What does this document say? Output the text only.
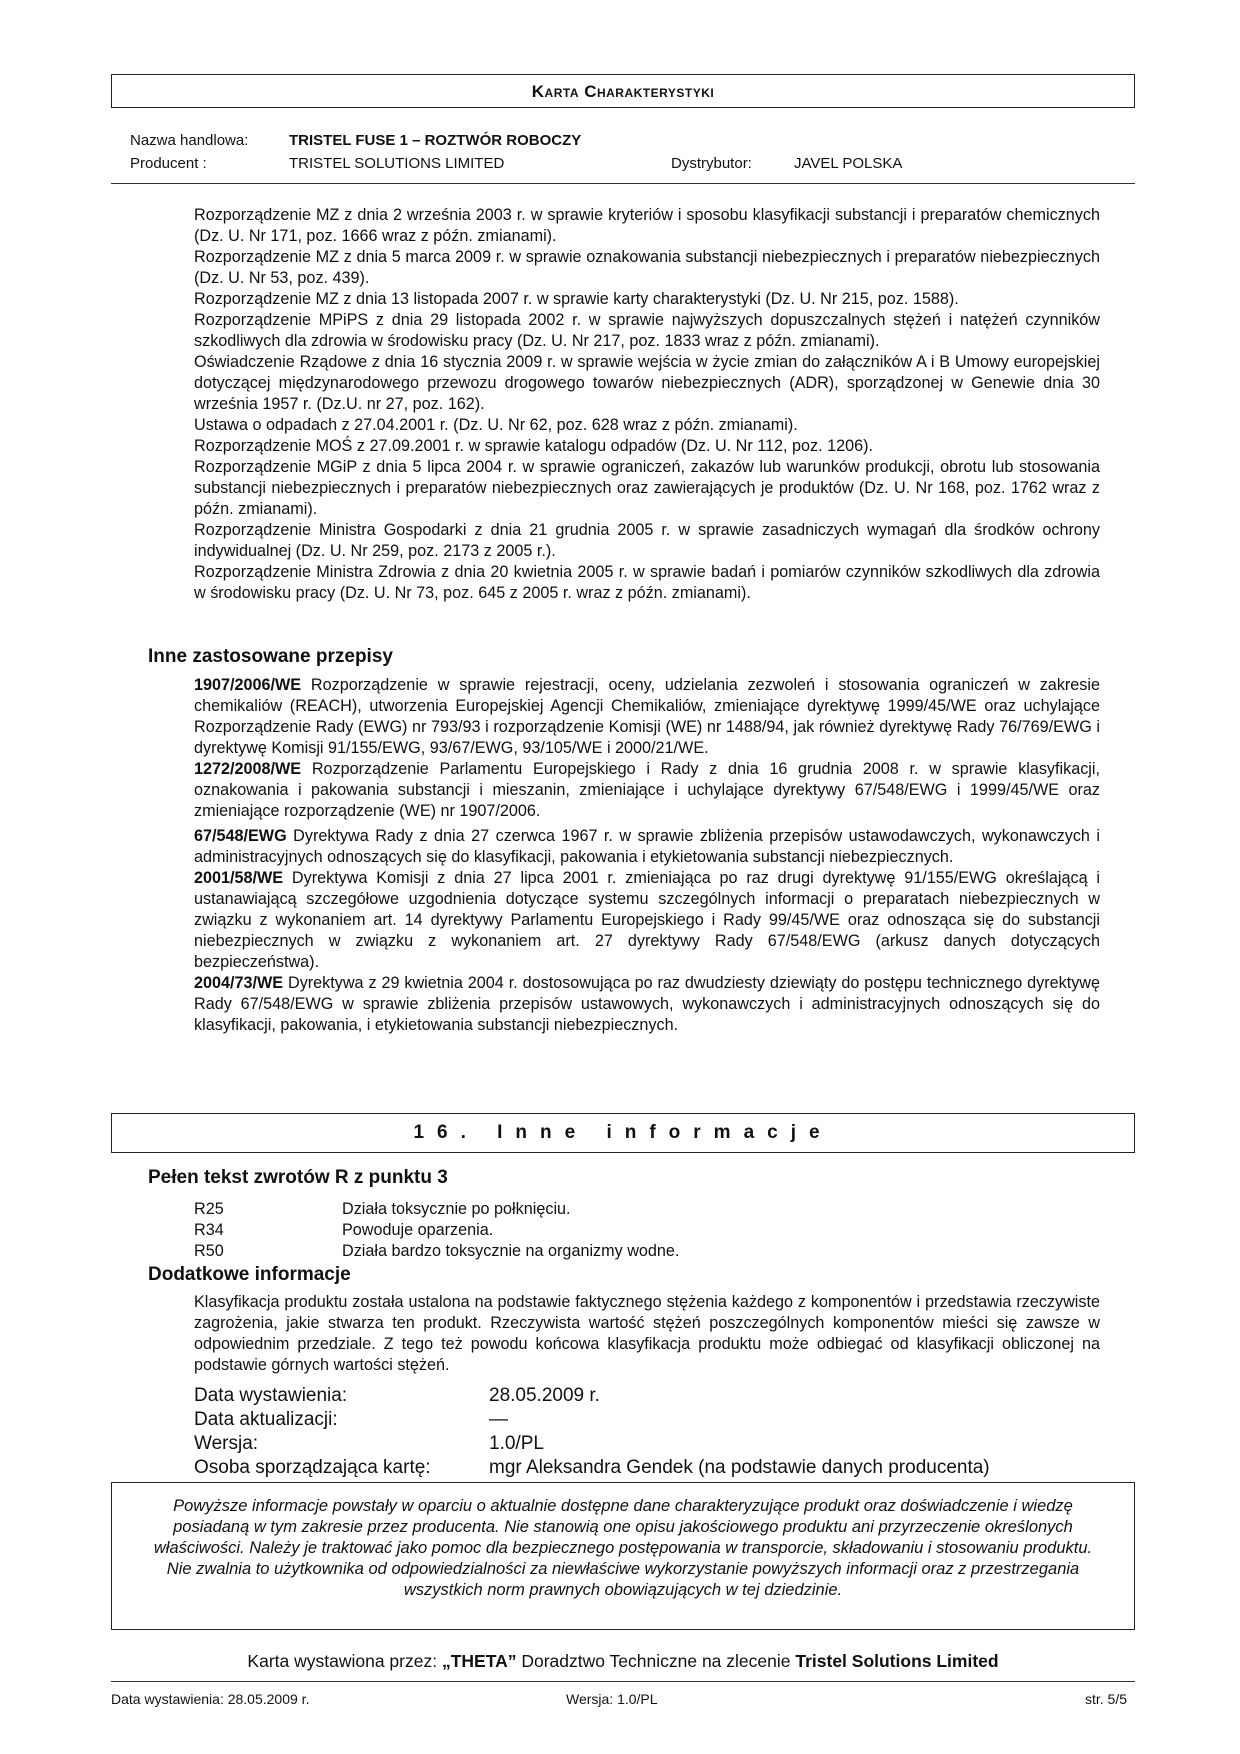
Karta Charakterystyki
Nazwa handlowa:	TRISTEL FUSE 1 – ROZTWÓR ROBOCZY
Producent :	TRISTEL SOLUTIONS LIMITED	Dystrybutor:	JAVEL POLSKA

Rozporządzenie MZ z dnia 2 września 2003 r. w sprawie kryteriów i sposobu klasyfikacji substancji i preparatów chemicznych (Dz. U. Nr 171, poz. 1666 wraz z późn. zmianami).

Rozporządzenie MZ z dnia 5 marca 2009 r. w sprawie oznakowania substancji niebezpiecznych i preparatów niebezpiecznych (Dz. U. Nr 53, poz. 439).

Rozporządzenie MZ z dnia 13 listopada 2007 r. w sprawie karty charakterystyki (Dz. U. Nr 215, poz. 1588).

Rozporządzenie MPiPS z dnia 29 listopada 2002 r. w sprawie najwyższych dopuszczalnych stężeń i natężeń czynników szkodliwych dla zdrowia w środowisku pracy (Dz. U. Nr 217, poz. 1833 wraz z późn. zmianami).

Oświadczenie Rządowe z dnia 16 stycznia 2009 r. w sprawie wejścia w życie zmian do załączników A i B Umowy europejskiej dotyczącej międzynarodowego przewozu drogowego towarów niebezpiecznych (ADR), sporządzonej w Genewie dnia 30 września 1957 r. (Dz.U. nr 27, poz. 162).

Ustawa o odpadach z 27.04.2001 r. (Dz. U. Nr 62, poz. 628 wraz z późn. zmianami).

Rozporządzenie MOŚ z 27.09.2001 r. w sprawie katalogu odpadów (Dz. U. Nr 112, poz. 1206).

Rozporządzenie MGiP z dnia 5 lipca 2004 r. w sprawie ograniczeń, zakazów lub warunków produkcji, obrotu lub stosowania substancji niebezpiecznych i preparatów niebezpiecznych oraz zawierających je produktów (Dz. U. Nr 168, poz. 1762 wraz z późn. zmianami).

Rozporządzenie Ministra Gospodarki z dnia 21 grudnia 2005 r. w sprawie zasadniczych wymagań dla środków ochrony indywidualnej (Dz. U. Nr 259, poz. 2173 z 2005 r.).

Rozporządzenie Ministra Zdrowia z dnia 20 kwietnia 2005 r. w sprawie badań i pomiarów czynników szkodliwych dla zdrowia w środowisku pracy (Dz. U. Nr 73, poz. 645 z 2005 r. wraz z późn. zmianami).

Inne zastosowane przepisy

1907/2006/WE Rozporządzenie w sprawie rejestracji, oceny, udzielania zezwoleń i stosowania ograniczeń w zakresie chemikaliów (REACH), utworzenia Europejskiej Agencji Chemikaliów, zmieniające dyrektywę 1999/45/WE oraz uchylające Rozporządzenie Rady (EWG) nr 793/93 i rozporządzenie Komisji (WE) nr 1488/94, jak również dyrektywę Rady 76/769/EWG i dyrektywę Komisji 91/155/EWG, 93/67/EWG, 93/105/WE i 2000/21/WE.

1272/2008/WE Rozporządzenie Parlamentu Europejskiego i Rady z dnia 16 grudnia 2008 r. w sprawie klasyfikacji, oznakowania i pakowania substancji i mieszanin, zmieniające i uchylające dyrektywy 67/548/EWG i 1999/45/WE oraz zmieniające rozporządzenie (WE) nr 1907/2006.

67/548/EWG Dyrektywa Rady z dnia 27 czerwca 1967 r. w sprawie zbliżenia przepisów ustawodawczych, wykonawczych i administracyjnych odnoszących się do klasyfikacji, pakowania i etykietowania substancji niebezpiecznych.

2001/58/WE Dyrektywa Komisji z dnia 27 lipca 2001 r. zmieniająca po raz drugi dyrektywę 91/155/EWG określającą i ustanawiającą szczegółowe uzgodnienia dotyczące systemu szczególnych informacji o preparatach niebezpiecznych w związku z wykonaniem art. 14 dyrektywy Parlamentu Europejskiego i Rady 99/45/WE oraz odnosząca się do substancji niebezpiecznych w związku z wykonaniem art. 27 dyrektywy Rady 67/548/EWG (arkusz danych dotyczących bezpieczeństwa).

2004/73/WE Dyrektywa z 29 kwietnia 2004 r. dostosowująca po raz dwudziesty dziewiąty do postępu technicznego dyrektywę Rady 67/548/EWG w sprawie zbliżenia przepisów ustawowych, wykonawczych i administracyjnych odnoszących się do klasyfikacji, pakowania, i etykietowania substancji niebezpiecznych.

16. Inne informacje
Pełen tekst zwrotów R z punktu 3
R25	Działa toksycznie po połknięciu.
R34	Powoduje oparzenia.
R50	Działa bardzo toksycznie na organizmy wodne.
Dodatkowe informacje

Klasyfikacja produktu została ustalona na podstawie faktycznego stężenia każdego z komponentów i przedstawia rzeczywiste zagrożenia, jakie stwarza ten produkt. Rzeczywista wartość stężeń poszczególnych komponentów mieści się zawsze w odpowiednim przedziale. Z tego też powodu końcowa klasyfikacja produktu może odbiegać od klasyfikacji obliczonej na podstawie górnych wartości stężeń.

Data wystawienia:	28.05.2009 r.
Data aktualizacji:	—
Wersja:	1.0/PL
Osoba sporządzająca kartę:	mgr Aleksandra Gendek (na podstawie danych producenta)

Powyższe informacje powstały w oparciu o aktualnie dostępne dane charakteryzujące produkt oraz doświadczenie i wiedzę posiadaną w tym zakresie przez producenta. Nie stanowią one opisu jakościowego produktu ani przyrzeczenie określonych właściwości. Należy je traktować jako pomoc dla bezpiecznego postępowania w transporcie, składowaniu i stosowaniu produktu. Nie zwalnia to użytkownika od odpowiedzialności za niewłaściwe wykorzystanie powyższych informacji oraz z przestrzegania wszystkich norm prawnych obowiązujących w tej dziedzinie.

Karta wystawiona przez: „THETA” Doradztwo Techniczne na zlecenie Tristel Solutions Limited
Data wystawienia: 28.05.2009 r.	Wersja: 1.0/PL	str. 5/5
